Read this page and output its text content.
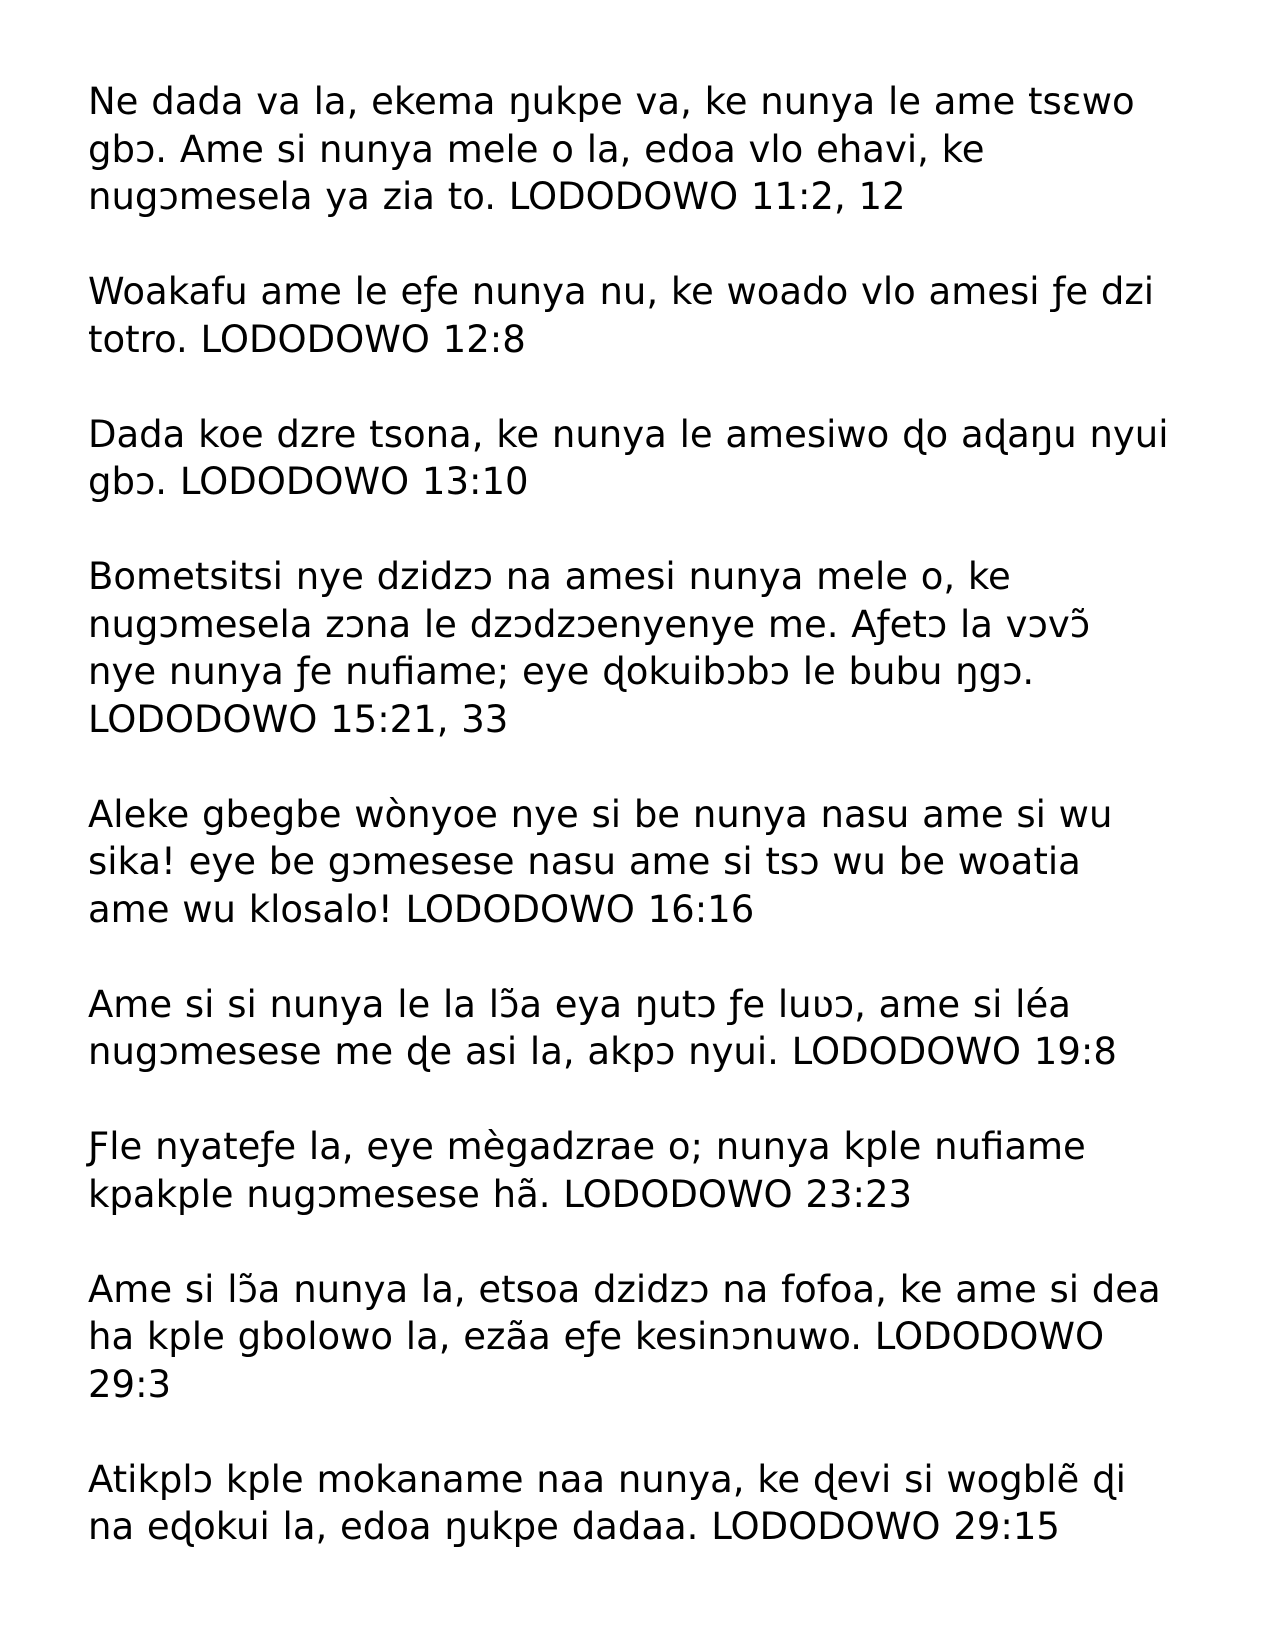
Ne dada va la, ekema ŋukpe va, ke nunya le ame tsɛwo
gbɔ. Ame si nunya mele o la, edoa vlo ehavi, ke
nugɔmesela ya zia to. LODODOWO 11:2, 12

Woakafu ame le eƒe nunya nu, ke woado vlo amesi ƒe dzi
totro. LODODOWO 12:8

Dada koe dzre tsona, ke nunya le amesiwo ɖo aɖaŋu nyui
gbɔ. LODODOWO 13:10

Bometsitsi nye dzidzɔ na amesi nunya mele o, ke
nugɔmesela zɔna le dzɔdzɔenyenye me. Aƒetɔ la vɔvɔ̃
nye nunya ƒe nufiame; eye ɖokuibɔbɔ le bubu ŋgɔ.
LODODOWO 15:21, 33

Aleke gbegbe wònyoe nye si be nunya nasu ame si wu
sika! eye be gɔmesese nasu ame si tsɔ wu be woatia
ame wu klosalo! LODODOWO 16:16

Ame si si nunya le la lɔ̃a eya ŋutɔ ƒe luʋɔ, ame si léa
nugɔmesese me ɖe asi la, akpɔ nyui. LODODOWO 19:8

Ƒle nyateƒe la, eye mègadzrae o; nunya kple nufiame
kpakple nugɔmesese hã. LODODOWO 23:23

Ame si lɔ̃a nunya la, etsoa dzidzɔ na fofoa, ke ame si dea
ha kple gbolowo la, ezãa eƒe kesinɔnuwo. LODODOWO
29:3

Atikplɔ kple mokaname naa nunya, ke ɖevi si wogblẽ ɖi
na eɖokui la, edoa ŋukpe dadaa. LODODOWO 29:15
